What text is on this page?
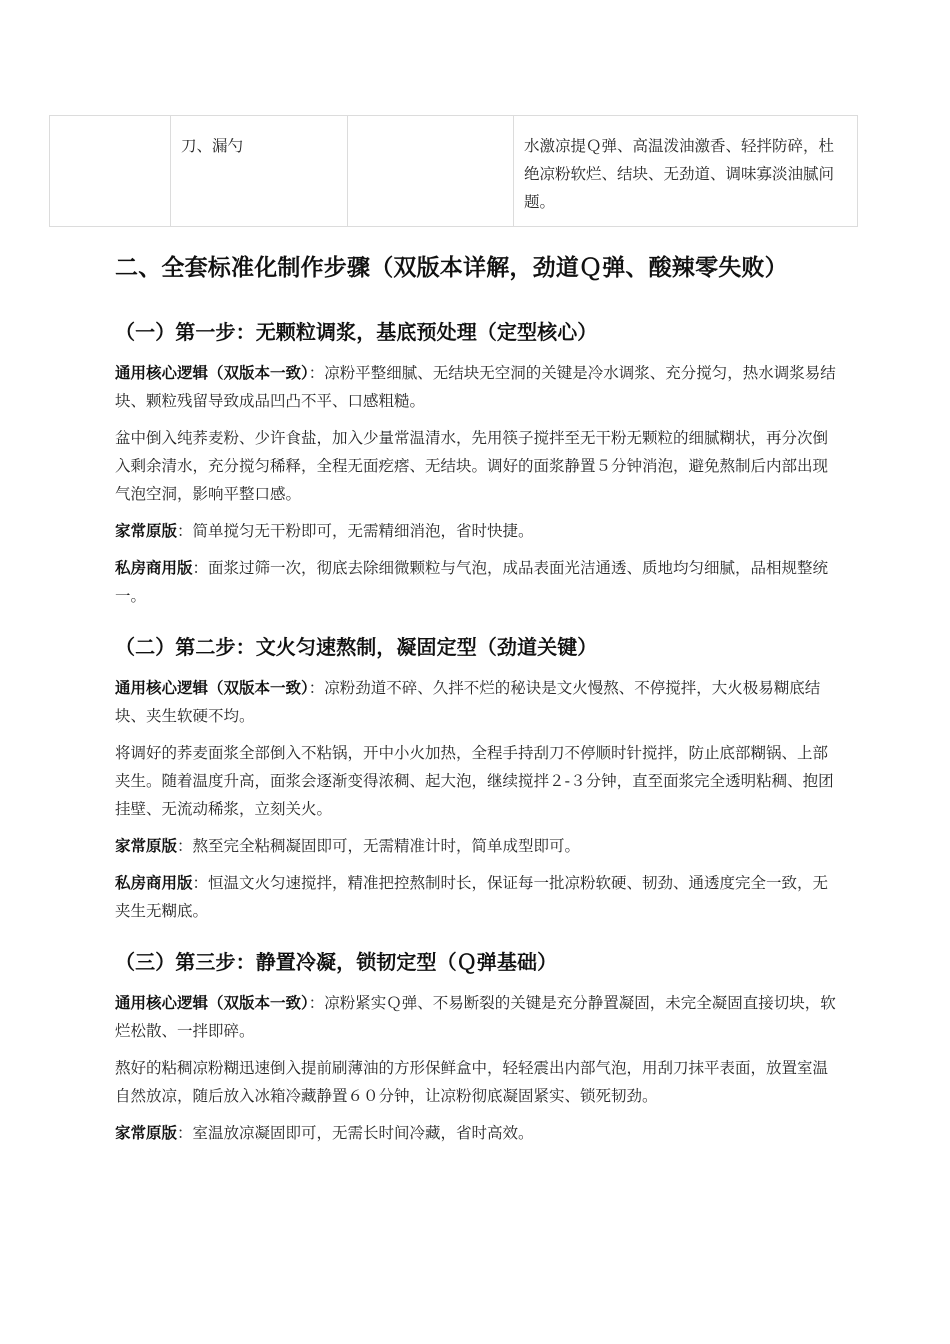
	刀、漏勺		水激凉提Ｑ弹、高温泼油激香、轻拌防碎，杜绝凉粉软烂、结块、无劲道、调味寡淡油腻问题。
二、全套标准化制作步骤（双版本详解，劲道Ｑ弹、酸辣零失败）
（一）第一步：无颗粒调浆，基底预处理（定型核心）

通用核心逻辑（双版本一致）：凉粉平整细腻、无结块无空洞的关键是冷水调浆、充分搅匀，热水调浆易结块、颗粒残留导致成品凹凸不平、口感粗糙。

盆中倒入纯荞麦粉、少许食盐，加入少量常温清水，先用筷子搅拌至无干粉无颗粒的细腻糊状，再分次倒入剩余清水，充分搅匀稀释，全程无面疙瘩、无结块。调好的面浆静置５分钟消泡，避免熬制后内部出现气泡空洞，影响平整口感。

家常原版：简单搅匀无干粉即可，无需精细消泡，省时快捷。

私房商用版：面浆过筛一次，彻底去除细微颗粒与气泡，成品表面光洁通透、质地均匀细腻，品相规整统一。

（二）第二步：文火匀速熬制，凝固定型（劲道关键）

通用核心逻辑（双版本一致）：凉粉劲道不碎、久拌不烂的秘诀是文火慢熬、不停搅拌，大火极易糊底结块、夹生软硬不均。

将调好的荞麦面浆全部倒入不粘锅，开中小火加热，全程手持刮刀不停顺时针搅拌，防止底部糊锅、上部夹生。随着温度升高，面浆会逐渐变得浓稠、起大泡，继续搅拌２-３分钟，直至面浆完全透明粘稠、抱团挂壁、无流动稀浆，立刻关火。

家常原版：熬至完全粘稠凝固即可，无需精准计时，简单成型即可。

私房商用版：恒温文火匀速搅拌，精准把控熬制时长，保证每一批凉粉软硬、韧劲、通透度完全一致，无夹生无糊底。

（三）第三步：静置冷凝，锁韧定型（Ｑ弹基础）

通用核心逻辑（双版本一致）：凉粉紧实Ｑ弹、不易断裂的关键是充分静置凝固，未完全凝固直接切块，软烂松散、一拌即碎。

熬好的粘稠凉粉糊迅速倒入提前刷薄油的方形保鲜盒中，轻轻震出内部气泡，用刮刀抹平表面，放置室温自然放凉，随后放入冰箱冷藏静置６０分钟，让凉粉彻底凝固紧实、锁死韧劲。

家常原版：室温放凉凝固即可，无需长时间冷藏，省时高效。
